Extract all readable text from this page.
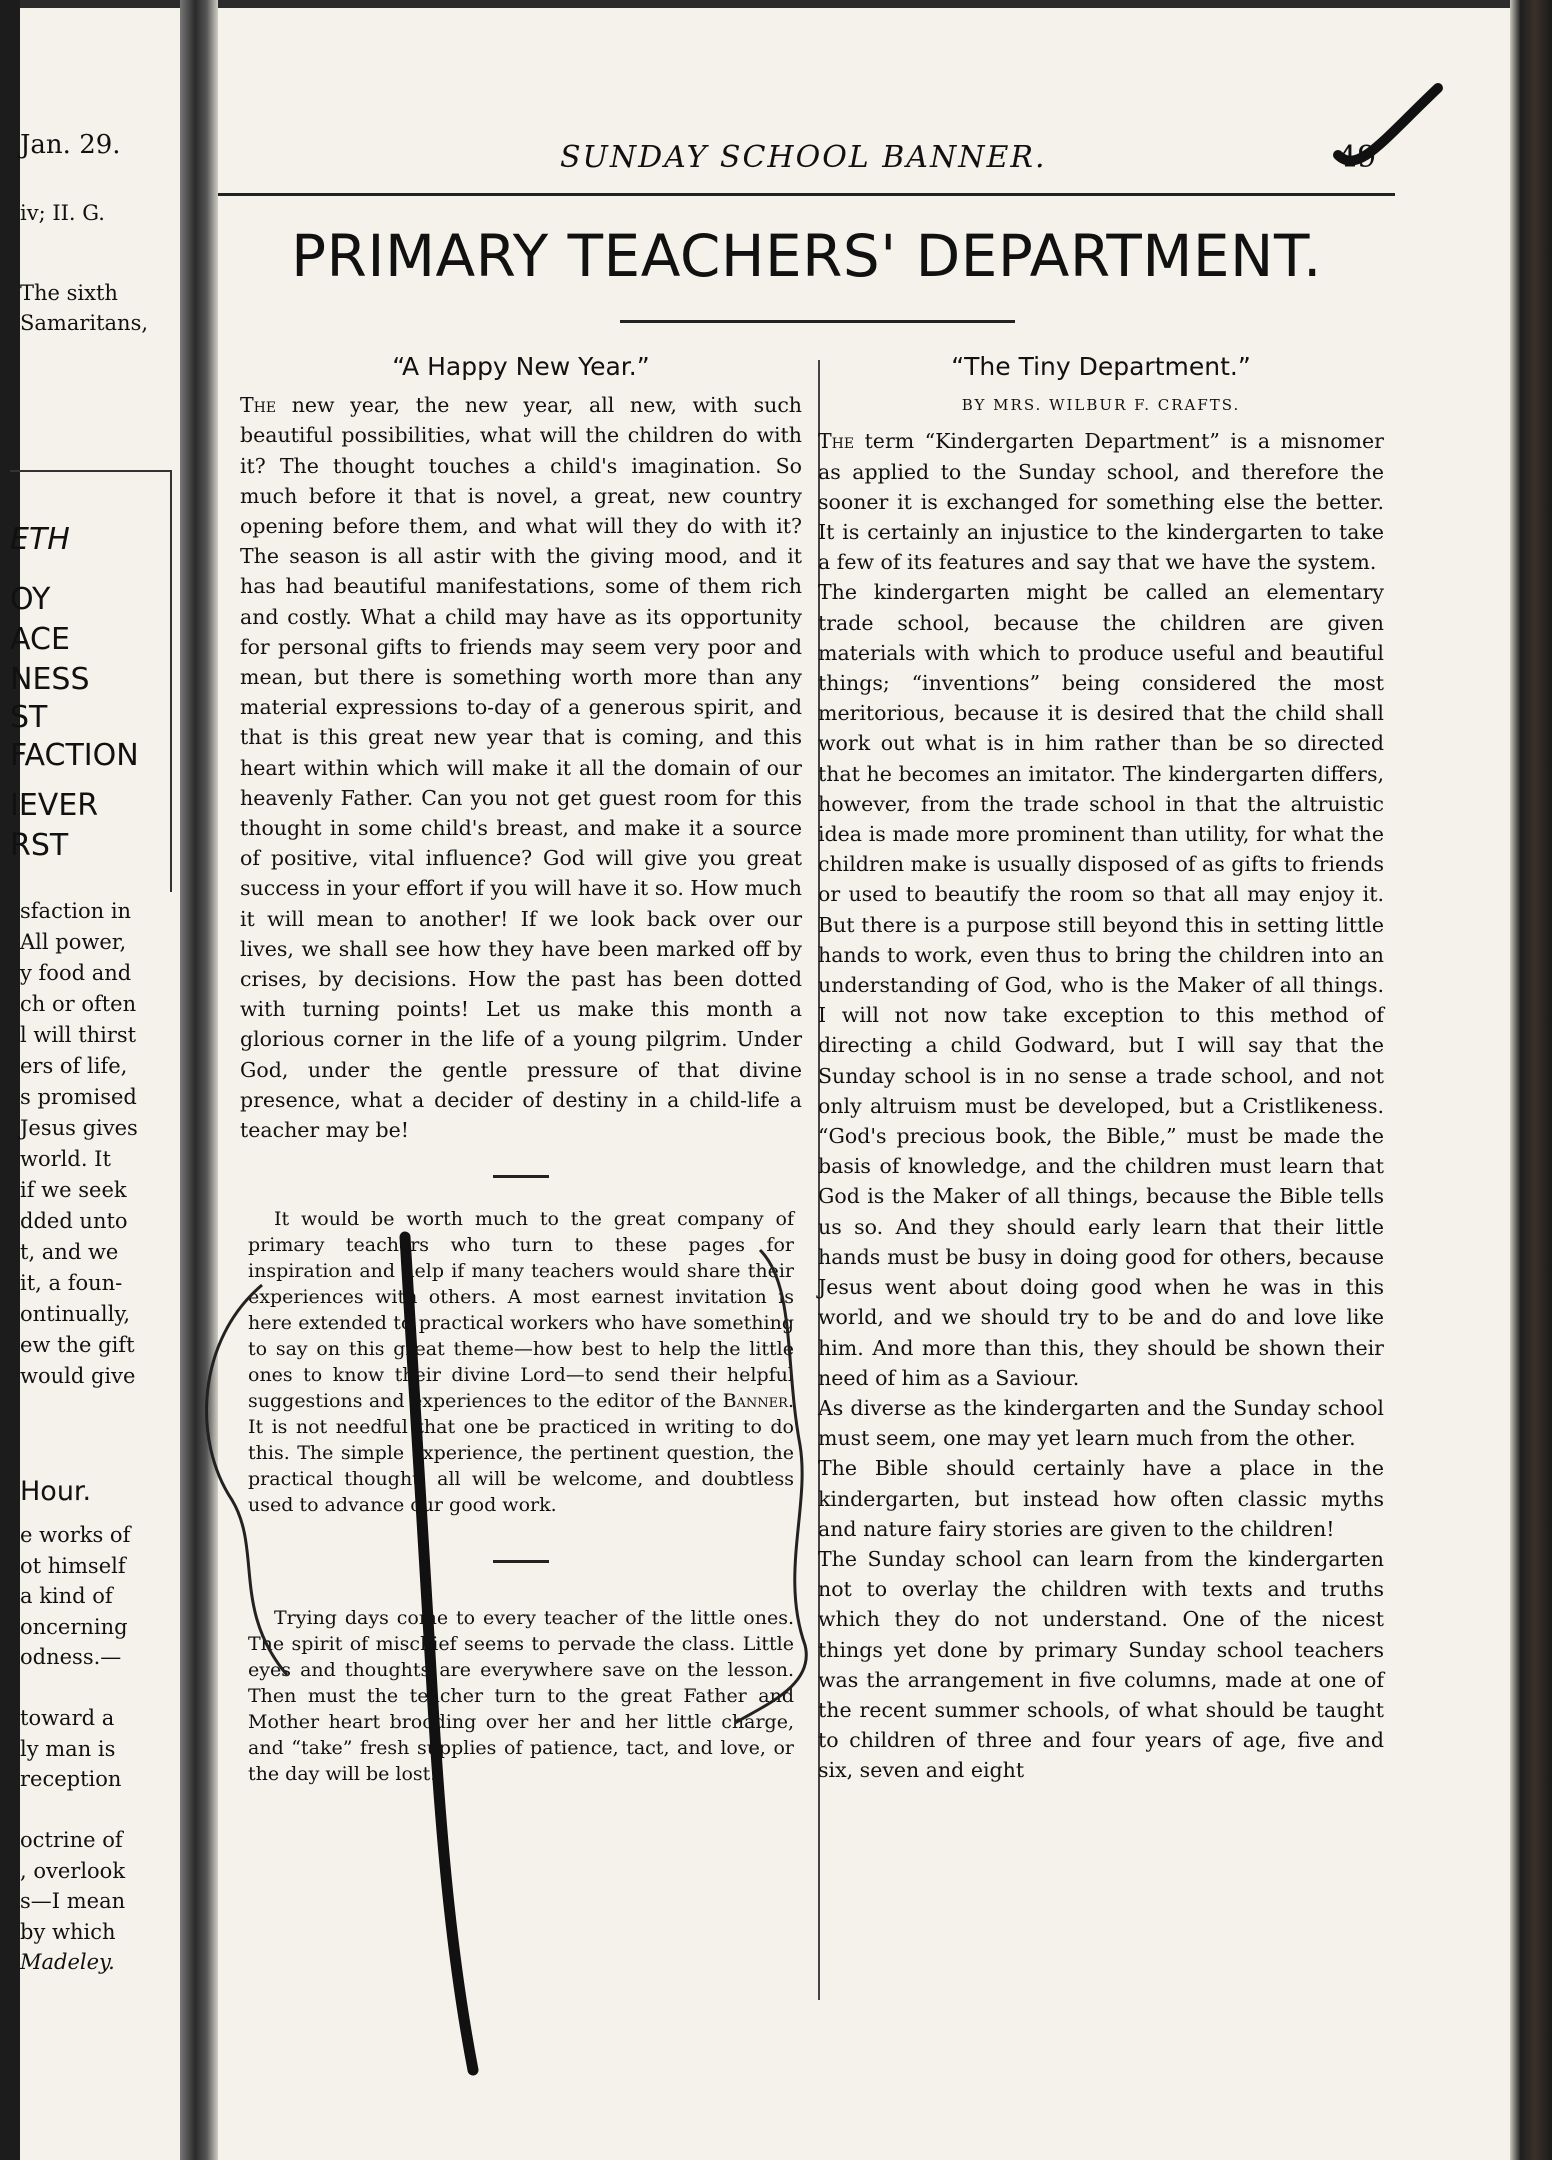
Jan. 29.
iv; II. G.
The sixth
Samaritans,
ETH
OY
ACE
NESS
ST
FACTION
IEVER
RST
sfaction in
All power,
y food and
ch or often
l will thirst
ers of life,
s promised
Jesus gives
world. It
if we seek
dded unto
t, and we
it, a foun-
ontinually,
ew the gift
would give
Hour.
e works of
ot himself
a kind of
oncerning
odness.—
toward a
ly man is
reception
octrine of
, overlook
s—I mean
by which
Madeley.
SUNDAY SCHOOL BANNER.	49
PRIMARY TEACHERS' DEPARTMENT.

“A Happy New Year.”

The new year, the new year, all new, with such beautiful possibilities, what will the children do with it? The thought touches a child's imagination. So much before it that is novel, a great, new country opening before them, and what will they do with it? The season is all astir with the giving mood, and it has had beautiful manifestations, some of them rich and costly. What a child may have as its opportunity for personal gifts to friends may seem very poor and mean, but there is something worth more than any material expressions to-day of a generous spirit, and that is this great new year that is coming, and this heart within which will make it all the domain of our heavenly Father. Can you not get guest room for this thought in some child's breast, and make it a source of positive, vital influence? God will give you great success in your effort if you will have it so. How much it will mean to another! If we look back over our lives, we shall see how they have been marked off by crises, by decisions. How the past has been dotted with turning points! Let us make this month a glorious corner in the life of a young pilgrim. Under God, under the gentle pressure of that divine presence, what a decider of destiny in a child-life a teacher may be!

It would be worth much to the great company of primary teachers who turn to these pages for inspiration and help if many teachers would share their experiences with others. A most earnest invitation is here extended to practical workers who have something to say on this great theme—how best to help the little ones to know their divine Lord—to send their helpful suggestions and experiences to the editor of the Banner. It is not needful that one be practiced in writing to do this. The simple experience, the pertinent question, the practical thought, all will be welcome, and doubtless used to advance our good work.

Trying days come to every teacher of the little ones. The spirit of mischief seems to pervade the class. Little eyes and thoughts are everywhere save on the lesson. Then must the teacher turn to the great Father and Mother heart brooding over her and her little charge, and “take” fresh supplies of patience, tact, and love, or the day will be lost.

“The Tiny Department.”

BY MRS. WILBUR F. CRAFTS.

The term “Kindergarten Department” is a misnomer as applied to the Sunday school, and therefore the sooner it is exchanged for something else the better. It is certainly an injustice to the kindergarten to take a few of its features and say that we have the system.

The kindergarten might be called an elementary trade school, because the children are given materials with which to produce useful and beautiful things; “inventions” being considered the most meritorious, because it is desired that the child shall work out what is in him rather than be so directed that he becomes an imitator. The kindergarten differs, however, from the trade school in that the altruistic idea is made more prominent than utility, for what the children make is usually disposed of as gifts to friends or used to beautify the room so that all may enjoy it. But there is a purpose still beyond this in setting little hands to work, even thus to bring the children into an understanding of God, who is the Maker of all things. I will not now take exception to this method of directing a child Godward, but I will say that the Sunday school is in no sense a trade school, and not only altruism must be developed, but a Cristlikeness. “God's precious book, the Bible,” must be made the basis of knowledge, and the children must learn that God is the Maker of all things, because the Bible tells us so. And they should early learn that their little hands must be busy in doing good for others, because Jesus went about doing good when he was in this world, and we should try to be and do and love like him. And more than this, they should be shown their need of him as a Saviour.

As diverse as the kindergarten and the Sunday school must seem, one may yet learn much from the other.

The Bible should certainly have a place in the kindergarten, but instead how often classic myths and nature fairy stories are given to the children!

The Sunday school can learn from the kindergarten not to overlay the children with texts and truths which they do not understand. One of the nicest things yet done by primary Sunday school teachers was the arrangement in five columns, made at one of the recent summer schools, of what should be taught to children of three and four years of age, five and six, seven and eight
